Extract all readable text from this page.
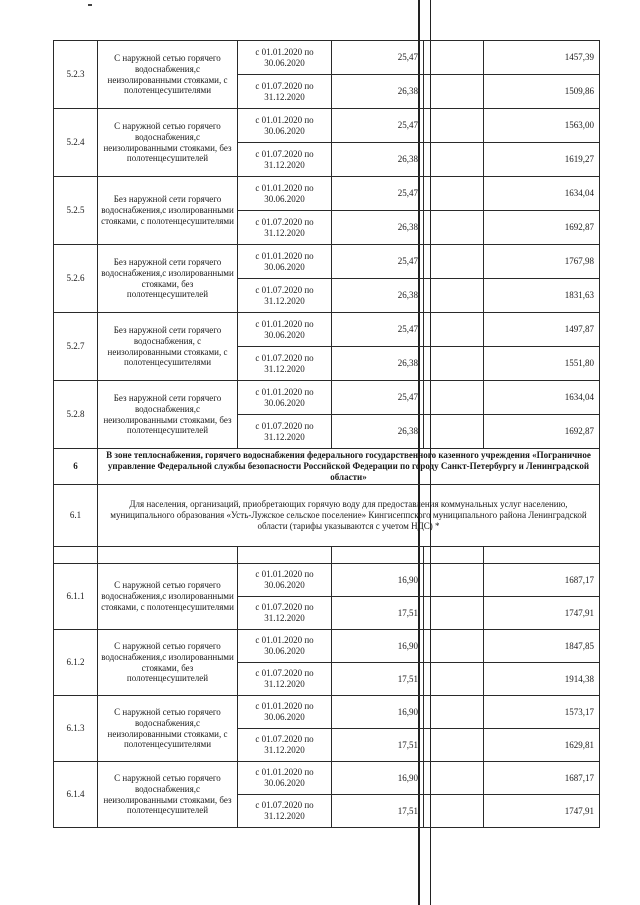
5.2.3	С наружной сетью горячего водоснабжения,с неизолированными стояками, с полотенцесушителями	с 01.01.2020 по 30.06.2020	25,47		1457,39
		с 01.07.2020 по 31.12.2020	26,38		1509,86
5.2.4	С наружной сетью горячего водоснабжения,с неизолированными стояками, без полотенцесушителей	с 01.01.2020 по 30.06.2020	25,47		1563,00
		с 01.07.2020 по 31.12.2020	26,38		1619,27
5.2.5	Без наружной сети горячего водоснабжения,с изолированными стояками, с полотенцесушителями	с 01.01.2020 по 30.06.2020	25,47		1634,04
		с 01.07.2020 по 31.12.2020	26,38		1692,87
5.2.6	Без наружной сети горячего водоснабжения,с изолированными стояками, без полотенцесушителей	с 01.01.2020 по 30.06.2020	25,47		1767,98
		с 01.07.2020 по 31.12.2020	26,38		1831,63
5.2.7	Без наружной сети горячего водоснабжения, с неизолированными стояками, с полотенцесушителями	с 01.01.2020 по 30.06.2020	25,47		1497,87
		с 01.07.2020 по 31.12.2020	26,38		1551,80
5.2.8	Без наружной сети горячего водоснабжения,с неизолированными стояками, без полотенцесушителей	с 01.01.2020 по 30.06.2020	25,47		1634,04
		с 01.07.2020 по 31.12.2020	26,38		1692,87
6	В зоне теплоснабжения, горячего водоснабжения федерального государственного казенного учреждения «Пограничное управление Федеральной службы безопасности Российской Федерации по городу Санкт-Петербургу и Ленинградской области»				
6.1	Для населения, организаций, приобретающих горячую воду для предоставления коммунальных услуг населению, муниципального образования «Усть-Лужское сельское поселение» Кингисеппского муниципального района Ленинградской области (тарифы указываются с учетом НДС) *				

6.1.1	С наружной сетью горячего водоснабжения,с изолированными стояками, с полотенцесушителями	с 01.01.2020 по 30.06.2020	16,90		1687,17
		с 01.07.2020 по 31.12.2020	17,51		1747,91
6.1.2	С наружной сетью горячего водоснабжения,с изолированными стояками, без полотенцесушителей	с 01.01.2020 по 30.06.2020	16,90		1847,85
		с 01.07.2020 по 31.12.2020	17,51		1914,38
6.1.3	С наружной сетью горячего водоснабжения,с неизолированными стояками, с полотенцесушителями	с 01.01.2020 по 30.06.2020	16,90		1573,17
		с 01.07.2020 по 31.12.2020	17,51		1629,81
6.1.4	С наружной сетью горячего водоснабжения,с неизолированными стояками, без полотенцесушителей	с 01.01.2020 по 30.06.2020	16,90		1687,17
		с 01.07.2020 по 31.12.2020	17,51		1747,91
